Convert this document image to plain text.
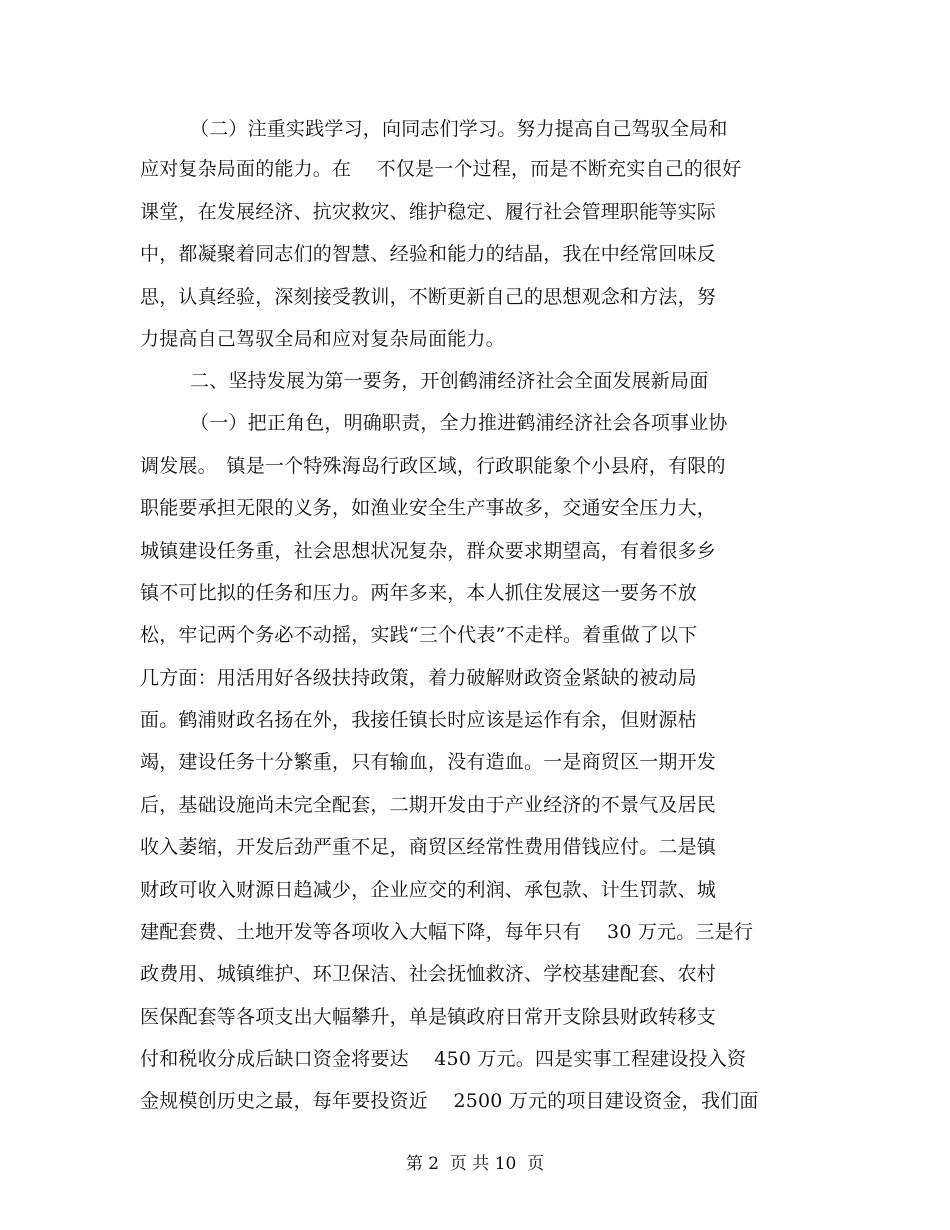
（二）注重实践学习，向同志们学习。努力提高自己驾驭全局和
应对复杂局面的能力。在　 不仅是一个过程，而是不断充实自己的很好
课堂，在发展经济、抗灾救灾、维护稳定、履行社会管理职能等实际
中，都凝聚着同志们的智慧、经验和能力的结晶，我在中经常回味反
思，认真经验，深刻接受教训，不断更新自己的思想观念和方法，努
力提高自己驾驭全局和应对复杂局面能力。
二、坚持发展为第一要务，开创鹤浦经济社会全面发展新局面
（一）把正角色，明确职责，全力推进鹤浦经济社会各项事业协
调发展。　镇是一个特殊海岛行政区域，行政职能象个小县府，有限的
职能要承担无限的义务，如渔业安全生产事故多，交通安全压力大，
城镇建设任务重，社会思想状况复杂，群众要求期望高，有着很多乡
镇不可比拟的任务和压力。两年多来，本人抓住发展这一要务不放
松，牢记两个务必不动摇，实践“三个代表”不走样。着重做了以下
几方面：用活用好各级扶持政策，着力破解财政资金紧缺的被动局
面。鹤浦财政名扬在外，我接任镇长时应该是运作有余，但财源枯
竭，建设任务十分繁重，只有输血，没有造血。一是商贸区一期开发
后，基础设施尚未完全配套，二期开发由于产业经济的不景气及居民
收入萎缩，开发后劲严重不足，商贸区经常性费用借钱应付。二是镇
财政可收入财源日趋减少，企业应交的利润、承包款、计生罚款、城
建配套费、土地开发等各项收入大幅下降，每年只有　 30 万元。三是行
政费用、城镇维护、环卫保洁、社会抚恤救济、学校基建配套、农村
医保配套等各项支出大幅攀升，单是镇政府日常开支除县财政转移支
付和税收分成后缺口资金将要达　 450 万元。四是实事工程建设投入资
金规模创历史之最，每年要投资近　 2500 万元的项目建设资金，我们面
第 2  页 共 10  页
